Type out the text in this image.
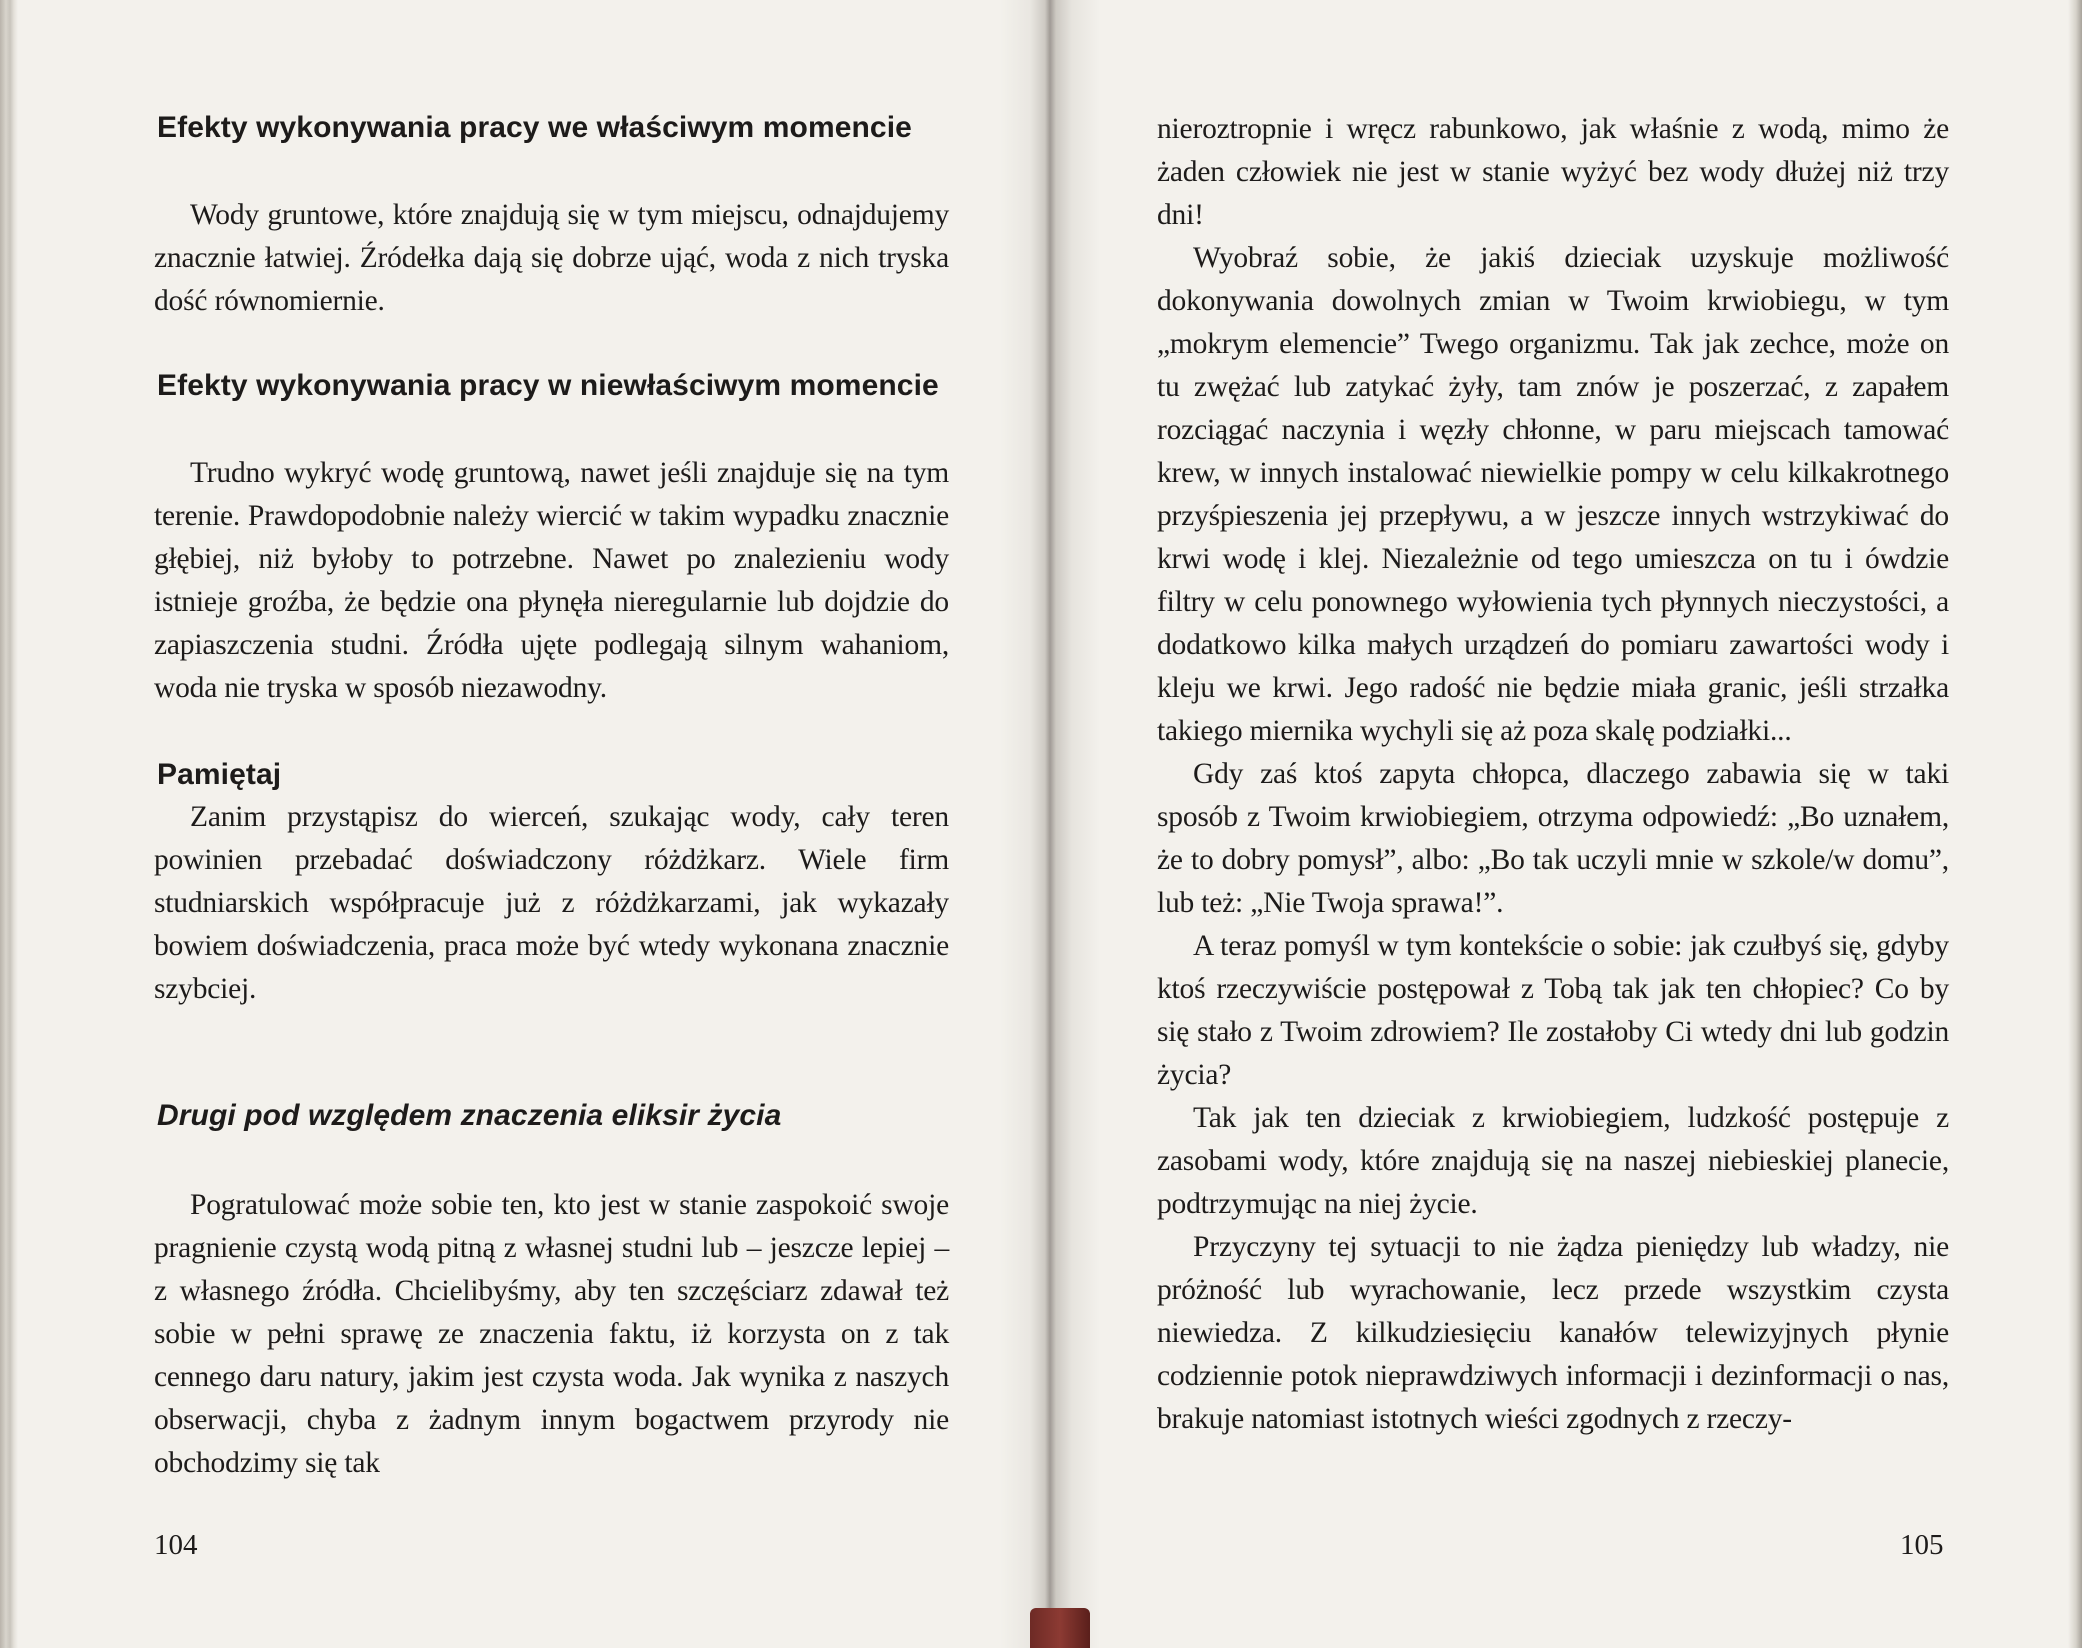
Efekty wykonywania pracy we właściwym momencie

Wody gruntowe, które znajdują się w tym miejscu, odnajdujemy znacznie łatwiej. Źródełka dają się dobrze ująć, woda z nich tryska dość równomiernie.

Efekty wykonywania pracy w niewłaściwym momencie

Trudno wykryć wodę gruntową, nawet jeśli znajduje się na tym terenie. Prawdopodobnie należy wiercić w takim wypadku znacznie głębiej, niż byłoby to potrzebne. Nawet po znalezieniu wody istnieje groźba, że będzie ona płynęła nieregularnie lub dojdzie do zapiaszczenia studni. Źródła ujęte podlegają silnym wahaniom, woda nie tryska w sposób niezawodny.

Pamiętaj

Zanim przystąpisz do wierceń, szukając wody, cały teren powinien przebadać doświadczony różdżkarz. Wiele firm studniarskich współpracuje już z różdżkarzami, jak wykazały bowiem doświadczenia, praca może być wtedy wykonana znacznie szybciej.

Drugi pod względem znaczenia eliksir życia

Pogratulować może sobie ten, kto jest w stanie zaspokoić swoje pragnienie czystą wodą pitną z własnej studni lub – jeszcze lepiej – z własnego źródła. Chcielibyśmy, aby ten szczęściarz zdawał też sobie w pełni sprawę ze znaczenia faktu, iż korzysta on z tak cennego daru natury, jakim jest czysta woda. Jak wynika z naszych obserwacji, chyba z żadnym innym bogactwem przyrody nie obchodzimy się tak

104

nieroztropnie i wręcz rabunkowo, jak właśnie z wodą, mimo że żaden człowiek nie jest w stanie wyżyć bez wody dłużej niż trzy dni!

Wyobraź sobie, że jakiś dzieciak uzyskuje możliwość dokonywania dowolnych zmian w Twoim krwiobiegu, w tym „mokrym elemencie” Twego organizmu. Tak jak zechce, może on tu zwężać lub zatykać żyły, tam znów je poszerzać, z zapałem rozciągać naczynia i węzły chłonne, w paru miejscach tamować krew, w innych instalować niewielkie pompy w celu kilkakrotnego przyśpieszenia jej przepływu, a w jeszcze innych wstrzykiwać do krwi wodę i klej. Niezależnie od tego umieszcza on tu i ówdzie filtry w celu ponownego wyłowienia tych płynnych nieczystości, a dodatkowo kilka małych urządzeń do pomiaru zawartości wody i kleju we krwi. Jego radość nie będzie miała granic, jeśli strzałka takiego miernika wychyli się aż poza skalę podziałki...

Gdy zaś ktoś zapyta chłopca, dlaczego zabawia się w taki sposób z Twoim krwiobiegiem, otrzyma odpowiedź: „Bo uznałem, że to dobry pomysł”, albo: „Bo tak uczyli mnie w szkole/w domu”, lub też: „Nie Twoja sprawa!”.

A teraz pomyśl w tym kontekście o sobie: jak czułbyś się, gdyby ktoś rzeczywiście postępował z Tobą tak jak ten chłopiec? Co by się stało z Twoim zdrowiem? Ile zostałoby Ci wtedy dni lub godzin życia?

Tak jak ten dzieciak z krwiobiegiem, ludzkość postępuje z zasobami wody, które znajdują się na naszej niebieskiej planecie, podtrzymując na niej życie.

Przyczyny tej sytuacji to nie żądza pieniędzy lub władzy, nie próżność lub wyrachowanie, lecz przede wszystkim czysta niewiedza. Z kilkudziesięciu kanałów telewizyjnych płynie codziennie potok nieprawdziwych informacji i dezinformacji o nas, brakuje natomiast istotnych wieści zgodnych z rzeczy-

105
